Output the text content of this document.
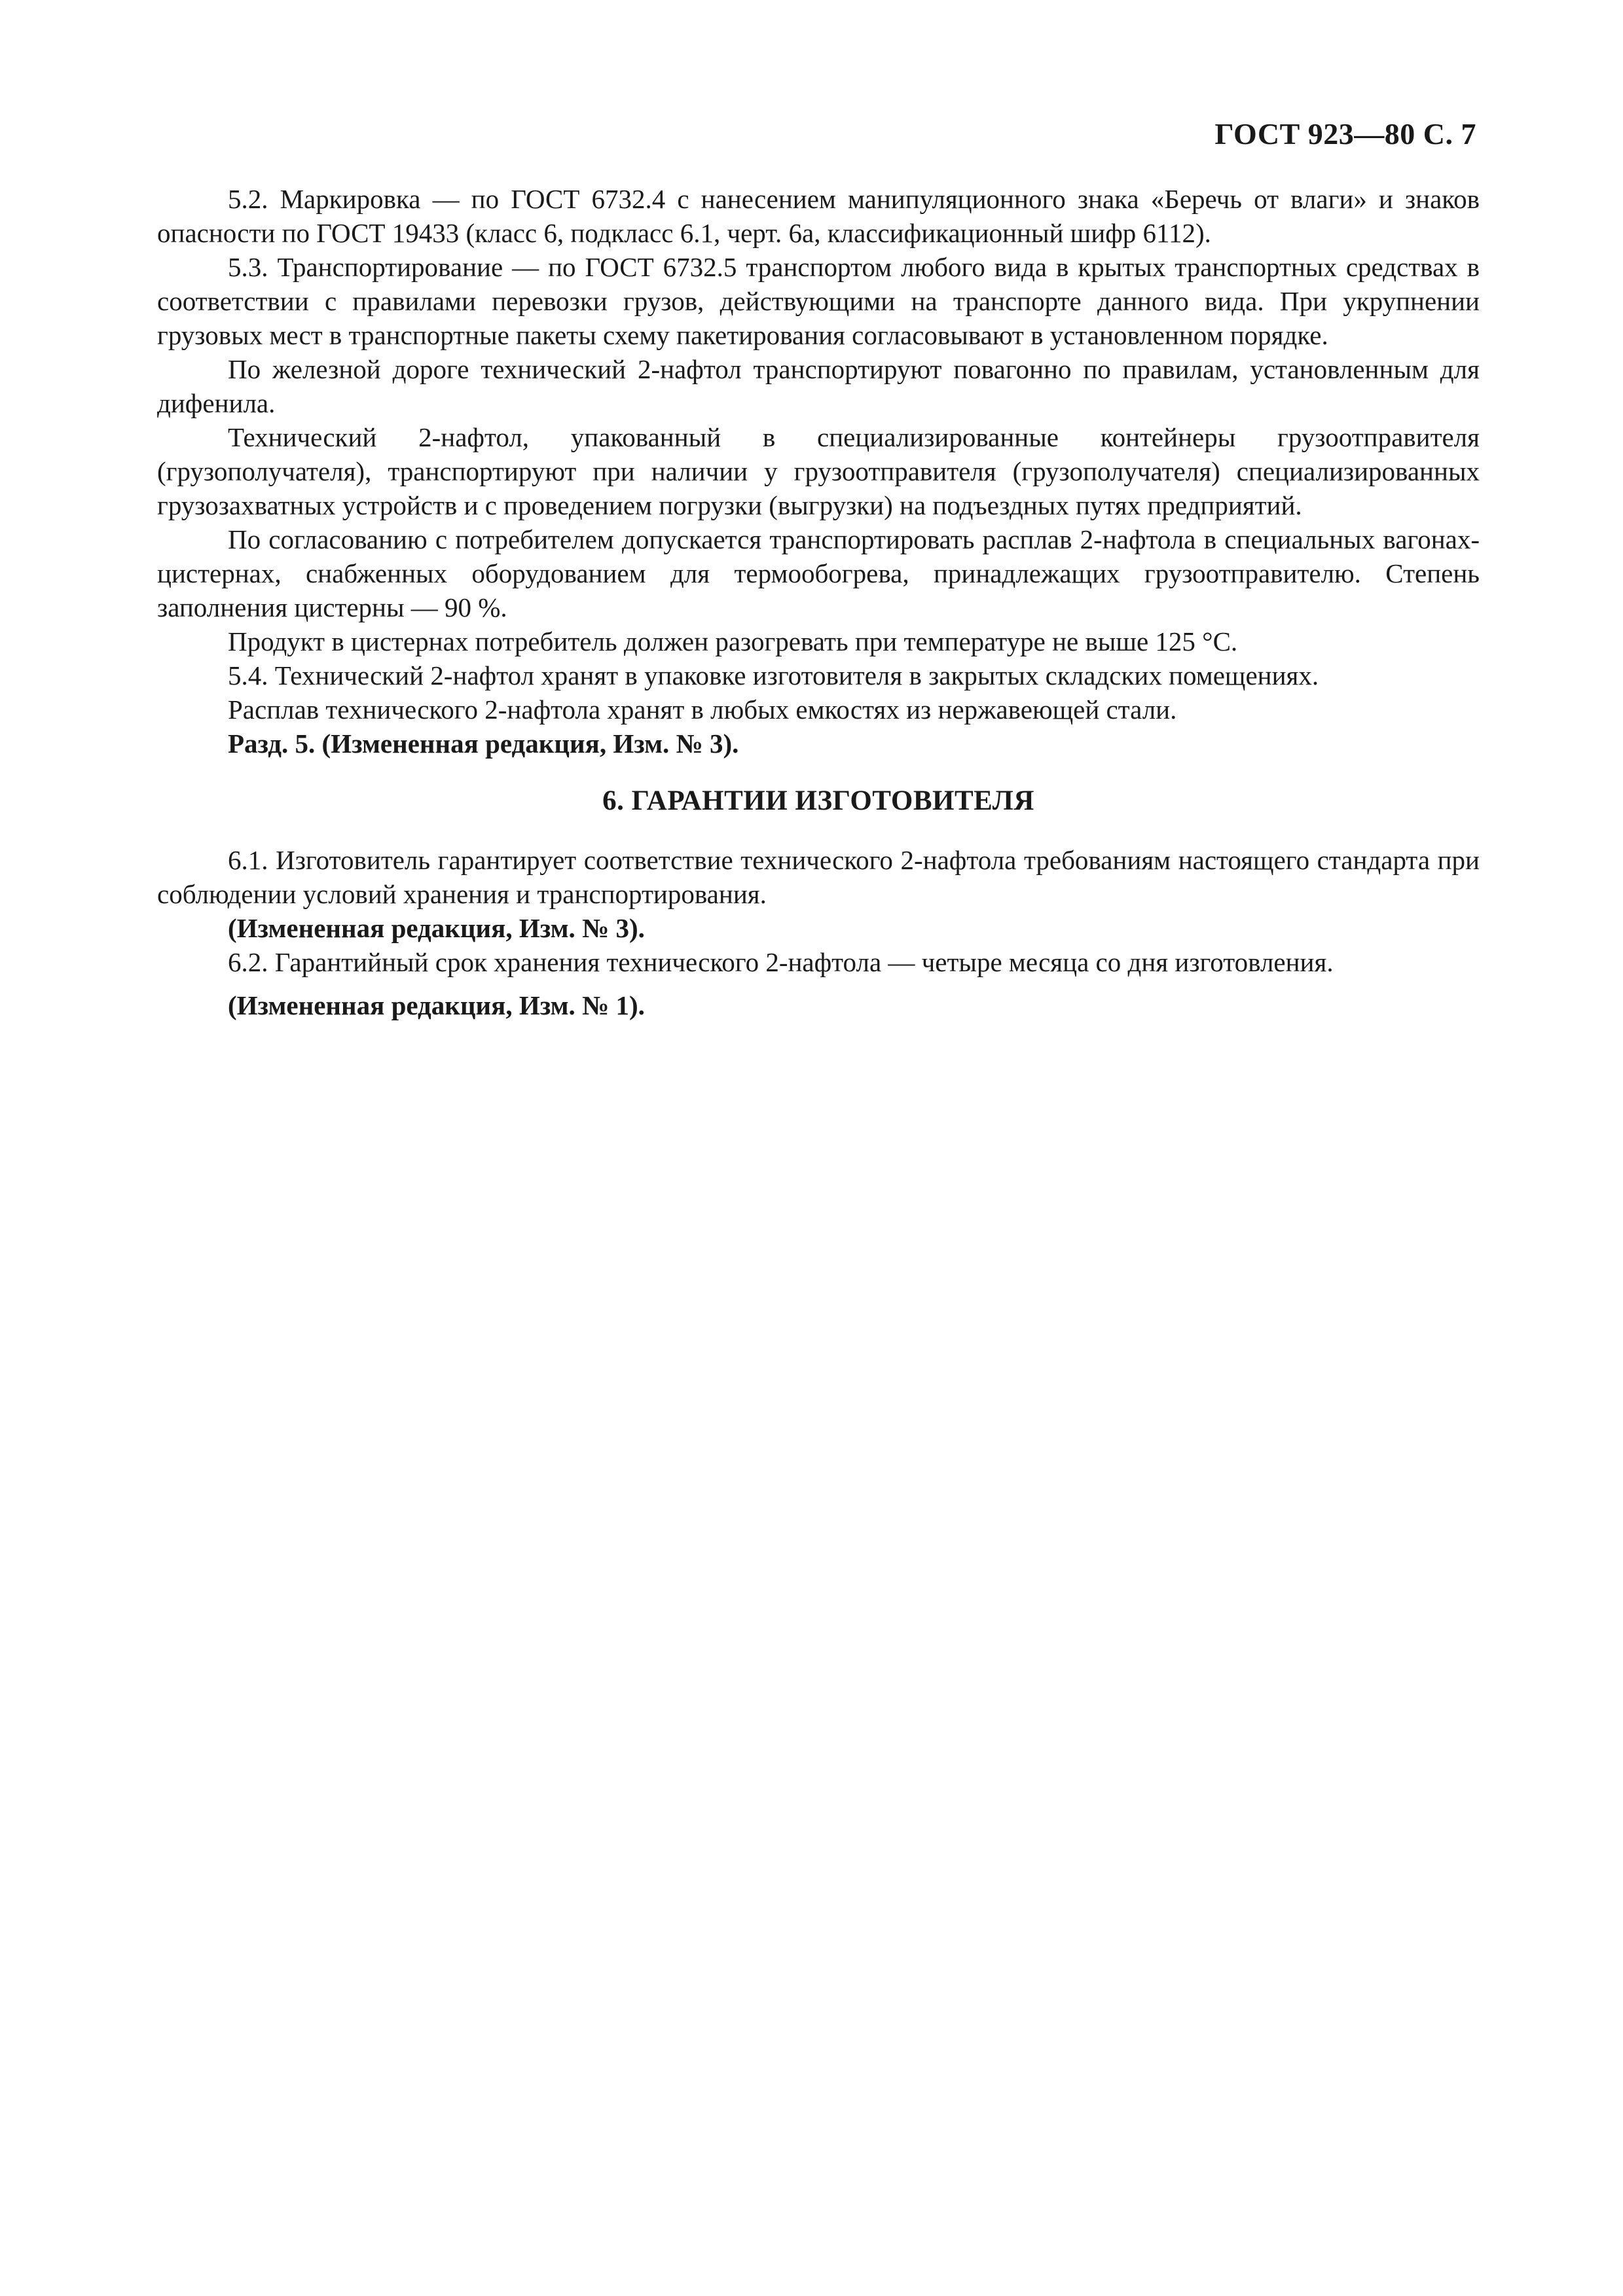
ГОСТ 923—80 С. 7

5.2. Маркировка — по ГОСТ 6732.4 с нанесением манипуляционного знака «Беречь от влаги» и знаков опасности по ГОСТ 19433 (класс 6, подкласс 6.1, черт. 6а, классификационный шифр 6112).

5.3. Транспортирование — по ГОСТ 6732.5 транспортом любого вида в крытых транспортных средствах в соответствии с правилами перевозки грузов, действующими на транспорте данного вида. При укрупнении грузовых мест в транспортные пакеты схему пакетирования согласовывают в установленном порядке.

По железной дороге технический 2-нафтол транспортируют повагонно по правилам, установленным для дифенила.

Технический 2-нафтол, упакованный в специализированные контейнеры грузоотправителя (грузополучателя), транспортируют при наличии у грузоотправителя (грузополучателя) специализированных грузозахватных устройств и с проведением погрузки (выгрузки) на подъездных путях предприятий.

По согласованию с потребителем допускается транспортировать расплав 2-нафтола в специальных вагонах-цистернах, снабженных оборудованием для термообогрева, принадлежащих грузоотправителю. Степень заполнения цистерны — 90 %.

Продукт в цистернах потребитель должен разогревать при температуре не выше 125 °С.

5.4. Технический 2-нафтол хранят в упаковке изготовителя в закрытых складских помещениях.

Расплав технического 2-нафтола хранят в любых емкостях из нержавеющей стали.

Разд. 5. (Измененная редакция, Изм. № 3).

6. ГАРАНТИИ ИЗГОТОВИТЕЛЯ

6.1. Изготовитель гарантирует соответствие технического 2-нафтола требованиям настоящего стандарта при соблюдении условий хранения и транспортирования.

(Измененная редакция, Изм. № 3).

6.2. Гарантийный срок хранения технического 2-нафтола — четыре месяца со дня изготовления.

(Измененная редакция, Изм. № 1).
